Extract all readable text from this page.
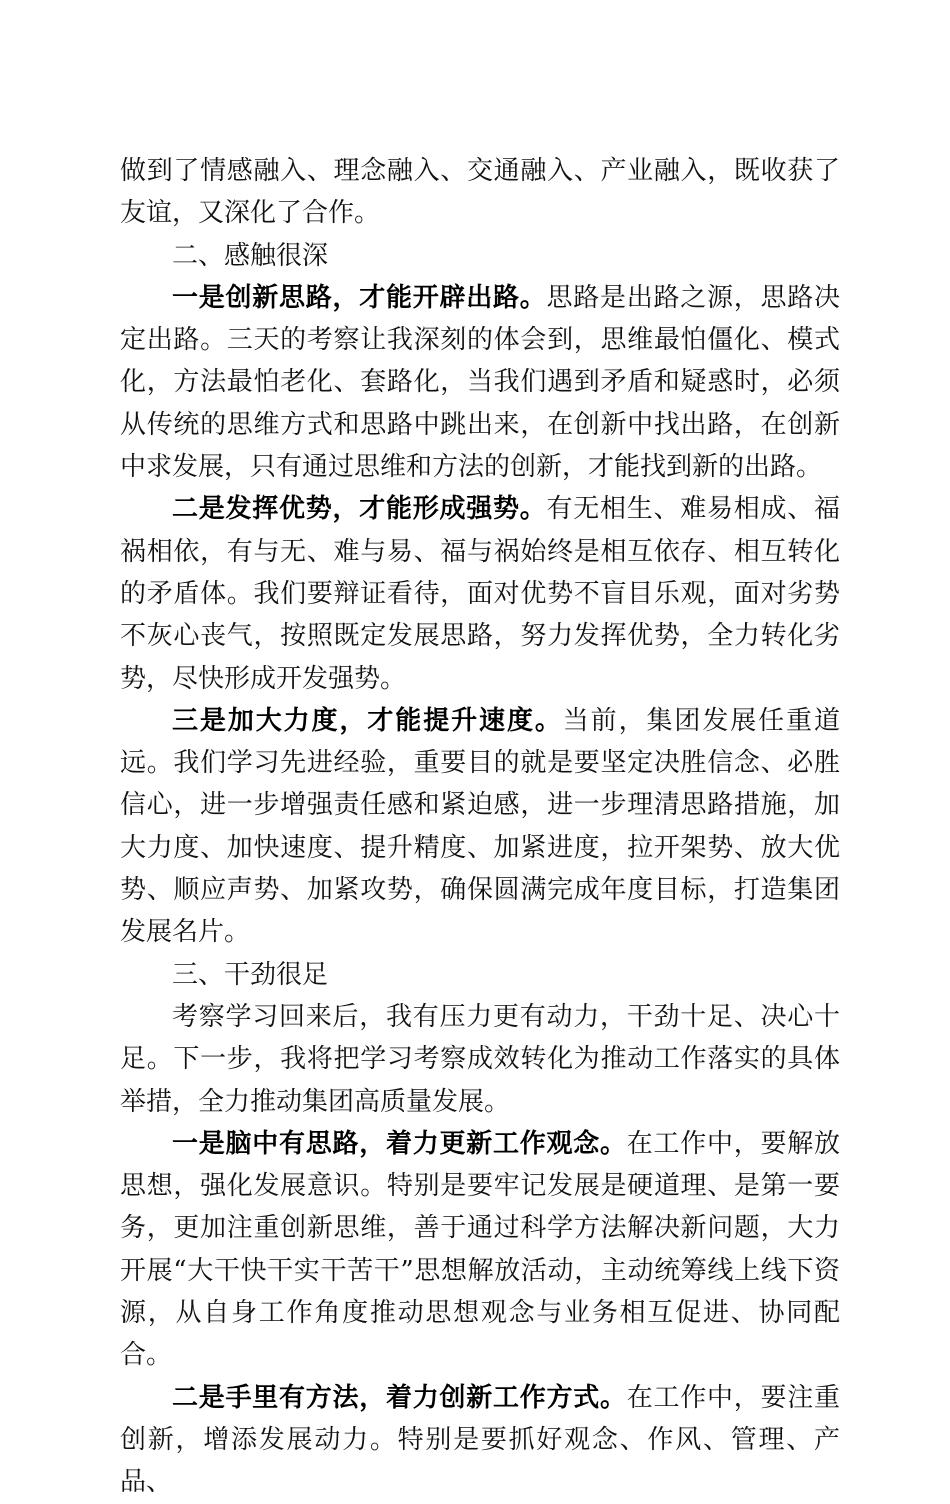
做到了情感融入、理念融入、交通融入、产业融入，既收获了友谊，又深化了合作。

二、感触很深

一是创新思路，才能开辟出路。思路是出路之源，思路决定出路。三天的考察让我深刻的体会到，思维最怕僵化、模式化，方法最怕老化、套路化，当我们遇到矛盾和疑惑时，必须从传统的思维方式和思路中跳出来，在创新中找出路，在创新中求发展，只有通过思维和方法的创新，才能找到新的出路。

二是发挥优势，才能形成强势。有无相生、难易相成、福祸相依，有与无、难与易、福与祸始终是相互依存、相互转化的矛盾体。我们要辩证看待，面对优势不盲目乐观，面对劣势不灰心丧气，按照既定发展思路，努力发挥优势，全力转化劣势，尽快形成开发强势。

三是加大力度，才能提升速度。当前，集团发展任重道远。我们学习先进经验，重要目的就是要坚定决胜信念、必胜信心，进一步增强责任感和紧迫感，进一步理清思路措施，加大力度、加快速度、提升精度、加紧进度，拉开架势、放大优势、顺应声势、加紧攻势，确保圆满完成年度目标，打造集团发展名片。

三、干劲很足

考察学习回来后，我有压力更有动力，干劲十足、决心十足。下一步，我将把学习考察成效转化为推动工作落实的具体举措，全力推动集团高质量发展。

一是脑中有思路，着力更新工作观念。在工作中，要解放思想，强化发展意识。特别是要牢记发展是硬道理、是第一要务，更加注重创新思维，善于通过科学方法解决新问题，大力开展“大干快干实干苦干”思想解放活动，主动统筹线上线下资源，从自身工作角度推动思想观念与业务相互促进、协同配合。

二是手里有方法，着力创新工作方式。在工作中，要注重创新，增添发展动力。特别是要抓好观念、作风、管理、产品、
